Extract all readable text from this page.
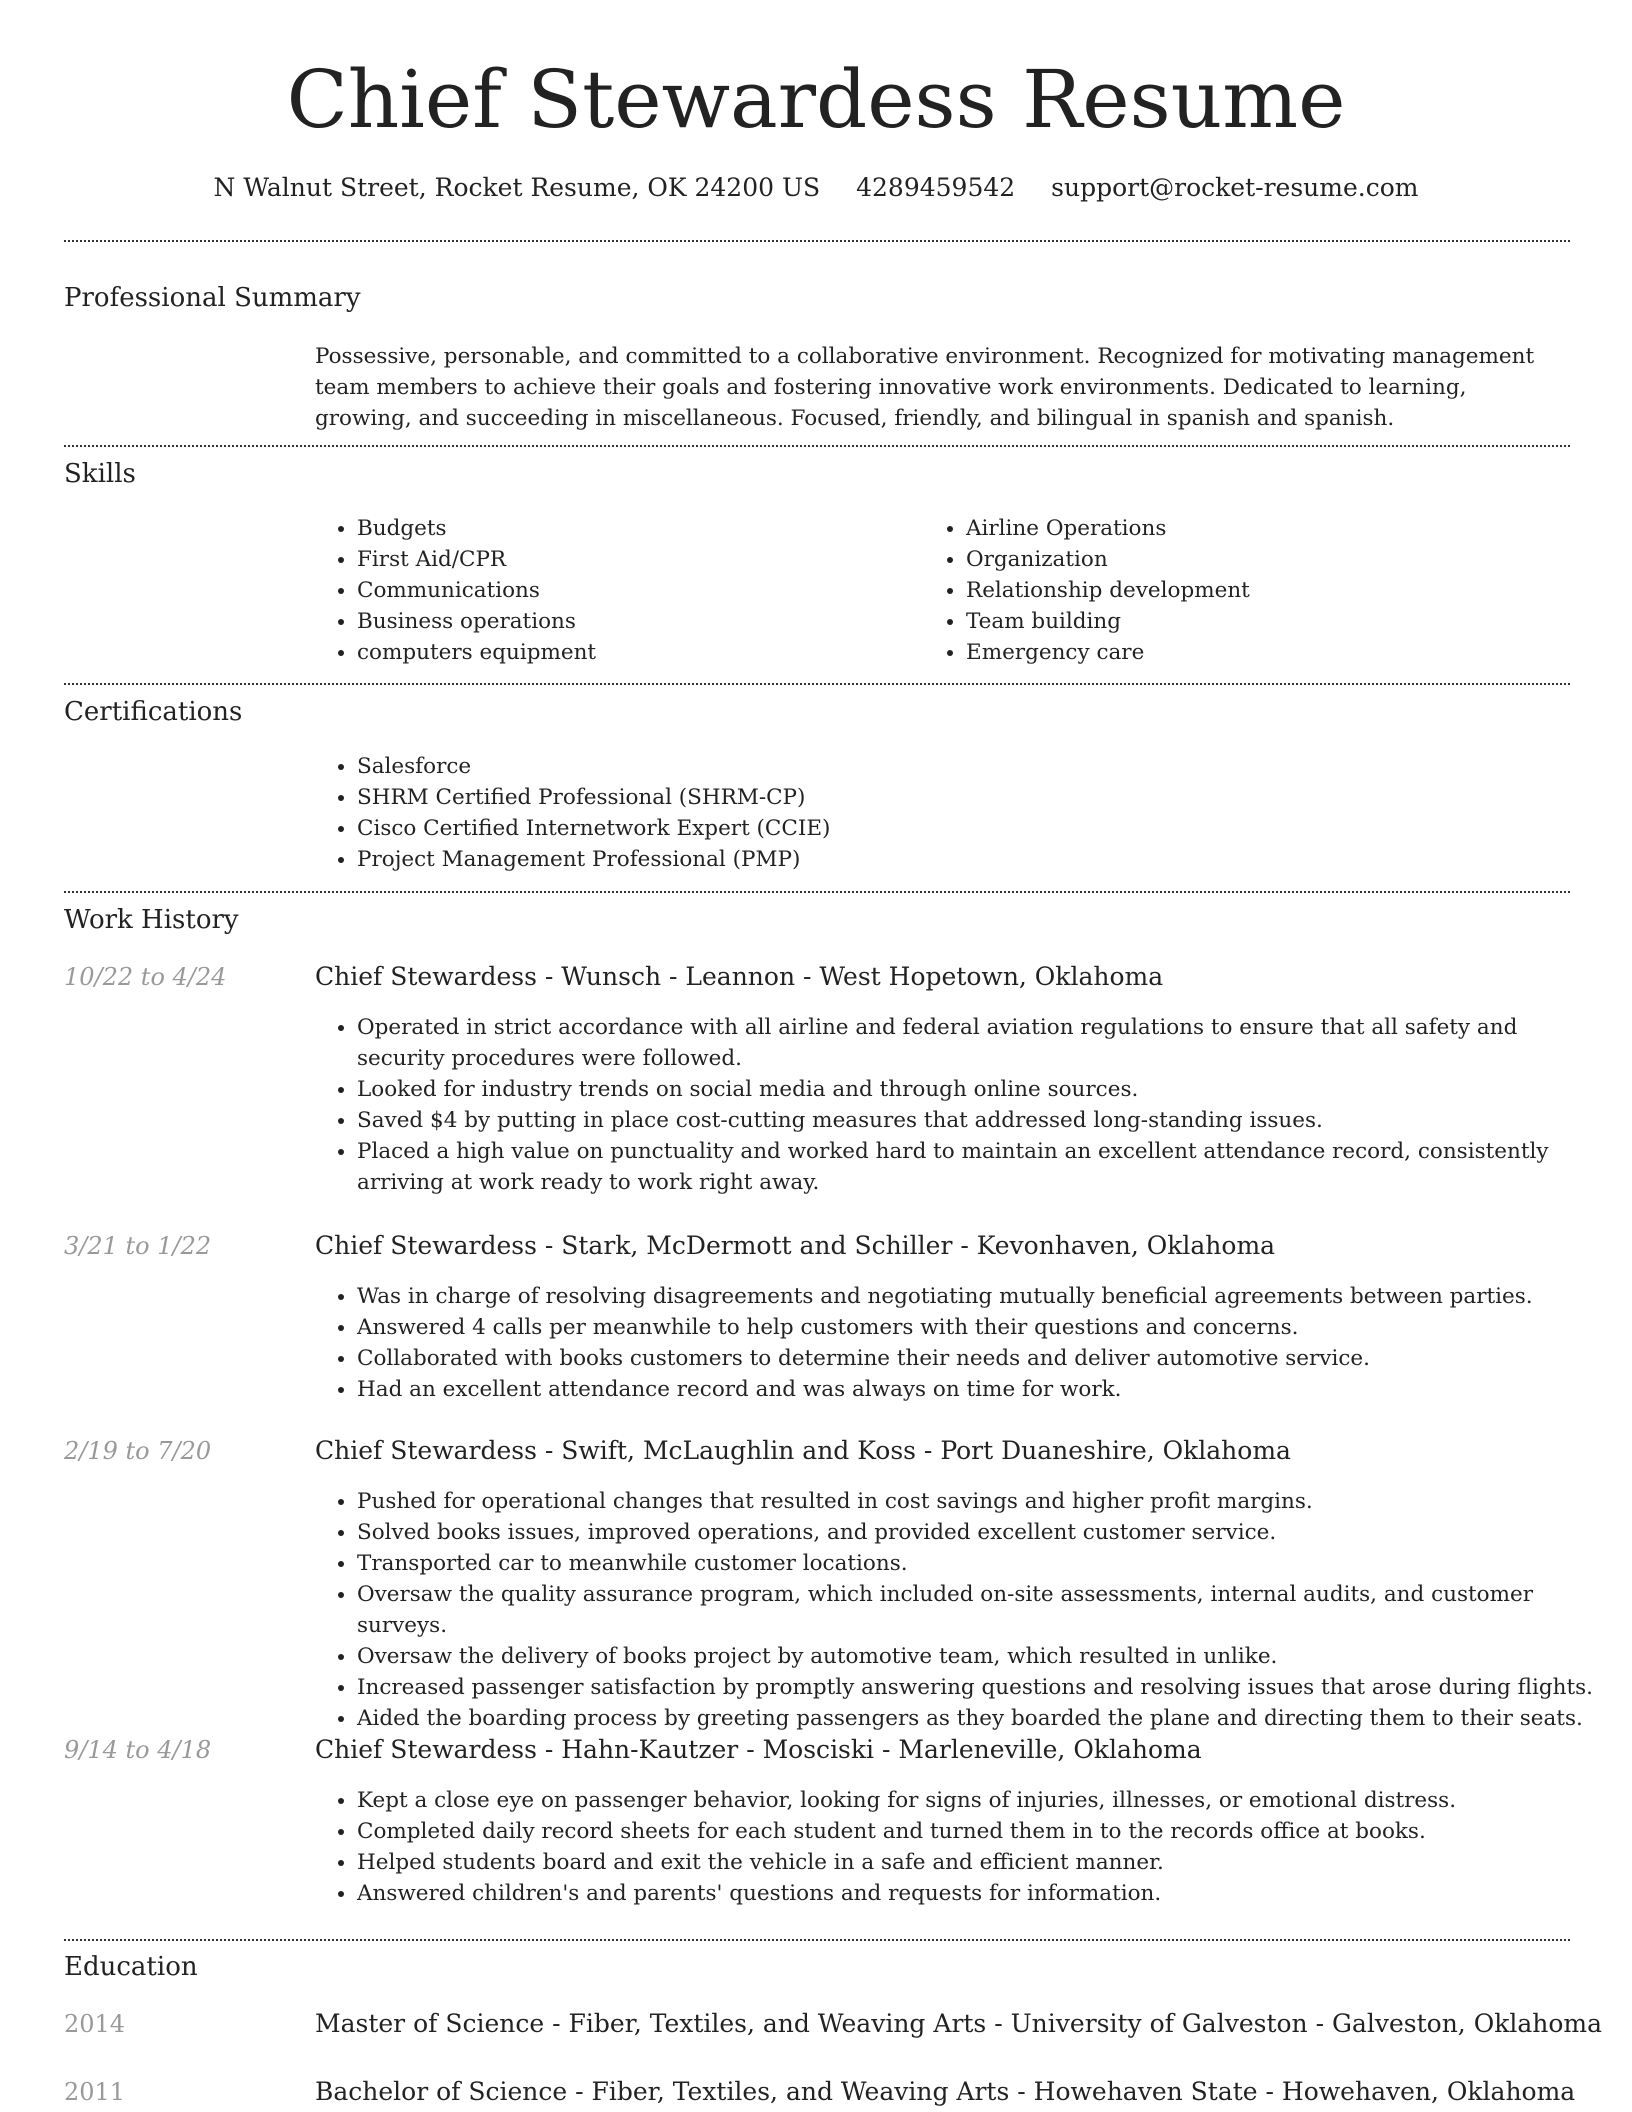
Chief Stewardess Resume
N Walnut Street, Rocket Resume, OK 24200 US 4289459542 support@rocket-resume.com
Professional Summary

Possessive, personable, and committed to a collaborative environment. Recognized for motivating management team members to achieve their goals and fostering innovative work environments. Dedicated to learning, growing, and succeeding in miscellaneous. Focused, friendly, and bilingual in spanish and spanish.

Skills
• Budgets
• First Aid/CPR
• Communications
• Business operations
• computers equipment
• Airline Operations
• Organization
• Relationship development
• Team building
• Emergency care
Certifications
• Salesforce
• SHRM Certified Professional (SHRM-CP)
• Cisco Certified Internetwork Expert (CCIE)
• Project Management Professional (PMP)
Work History
10/22 to 4/24	Chief Stewardess - Wunsch - Leannon - West Hopetown, Oklahoma
• Operated in strict accordance with all airline and federal aviation regulations to ensure that all safety and security procedures were followed.
• Looked for industry trends on social media and through online sources.
• Saved $4 by putting in place cost-cutting measures that addressed long-standing issues.
• Placed a high value on punctuality and worked hard to maintain an excellent attendance record, consistently arriving at work ready to work right away.
3/21 to 1/22	Chief Stewardess - Stark, McDermott and Schiller - Kevonhaven, Oklahoma
• Was in charge of resolving disagreements and negotiating mutually beneficial agreements between parties.
• Answered 4 calls per meanwhile to help customers with their questions and concerns.
• Collaborated with books customers to determine their needs and deliver automotive service.
• Had an excellent attendance record and was always on time for work.
2/19 to 7/20	Chief Stewardess - Swift, McLaughlin and Koss - Port Duaneshire, Oklahoma
• Pushed for operational changes that resulted in cost savings and higher profit margins.
• Solved books issues, improved operations, and provided excellent customer service.
• Transported car to meanwhile customer locations.
• Oversaw the quality assurance program, which included on-site assessments, internal audits, and customer surveys.
• Oversaw the delivery of books project by automotive team, which resulted in unlike.
• Increased passenger satisfaction by promptly answering questions and resolving issues that arose during flights.
• Aided the boarding process by greeting passengers as they boarded the plane and directing them to their seats.
9/14 to 4/18	Chief Stewardess - Hahn-Kautzer - Mosciski - Marleneville, Oklahoma
• Kept a close eye on passenger behavior, looking for signs of injuries, illnesses, or emotional distress.
• Completed daily record sheets for each student and turned them in to the records office at books.
• Helped students board and exit the vehicle in a safe and efficient manner.
• Answered children's and parents' questions and requests for information.
Education
2014	Master of Science - Fiber, Textiles, and Weaving Arts - University of Galveston - Galveston, Oklahoma
2011	Bachelor of Science - Fiber, Textiles, and Weaving Arts - Howehaven State - Howehaven, Oklahoma
